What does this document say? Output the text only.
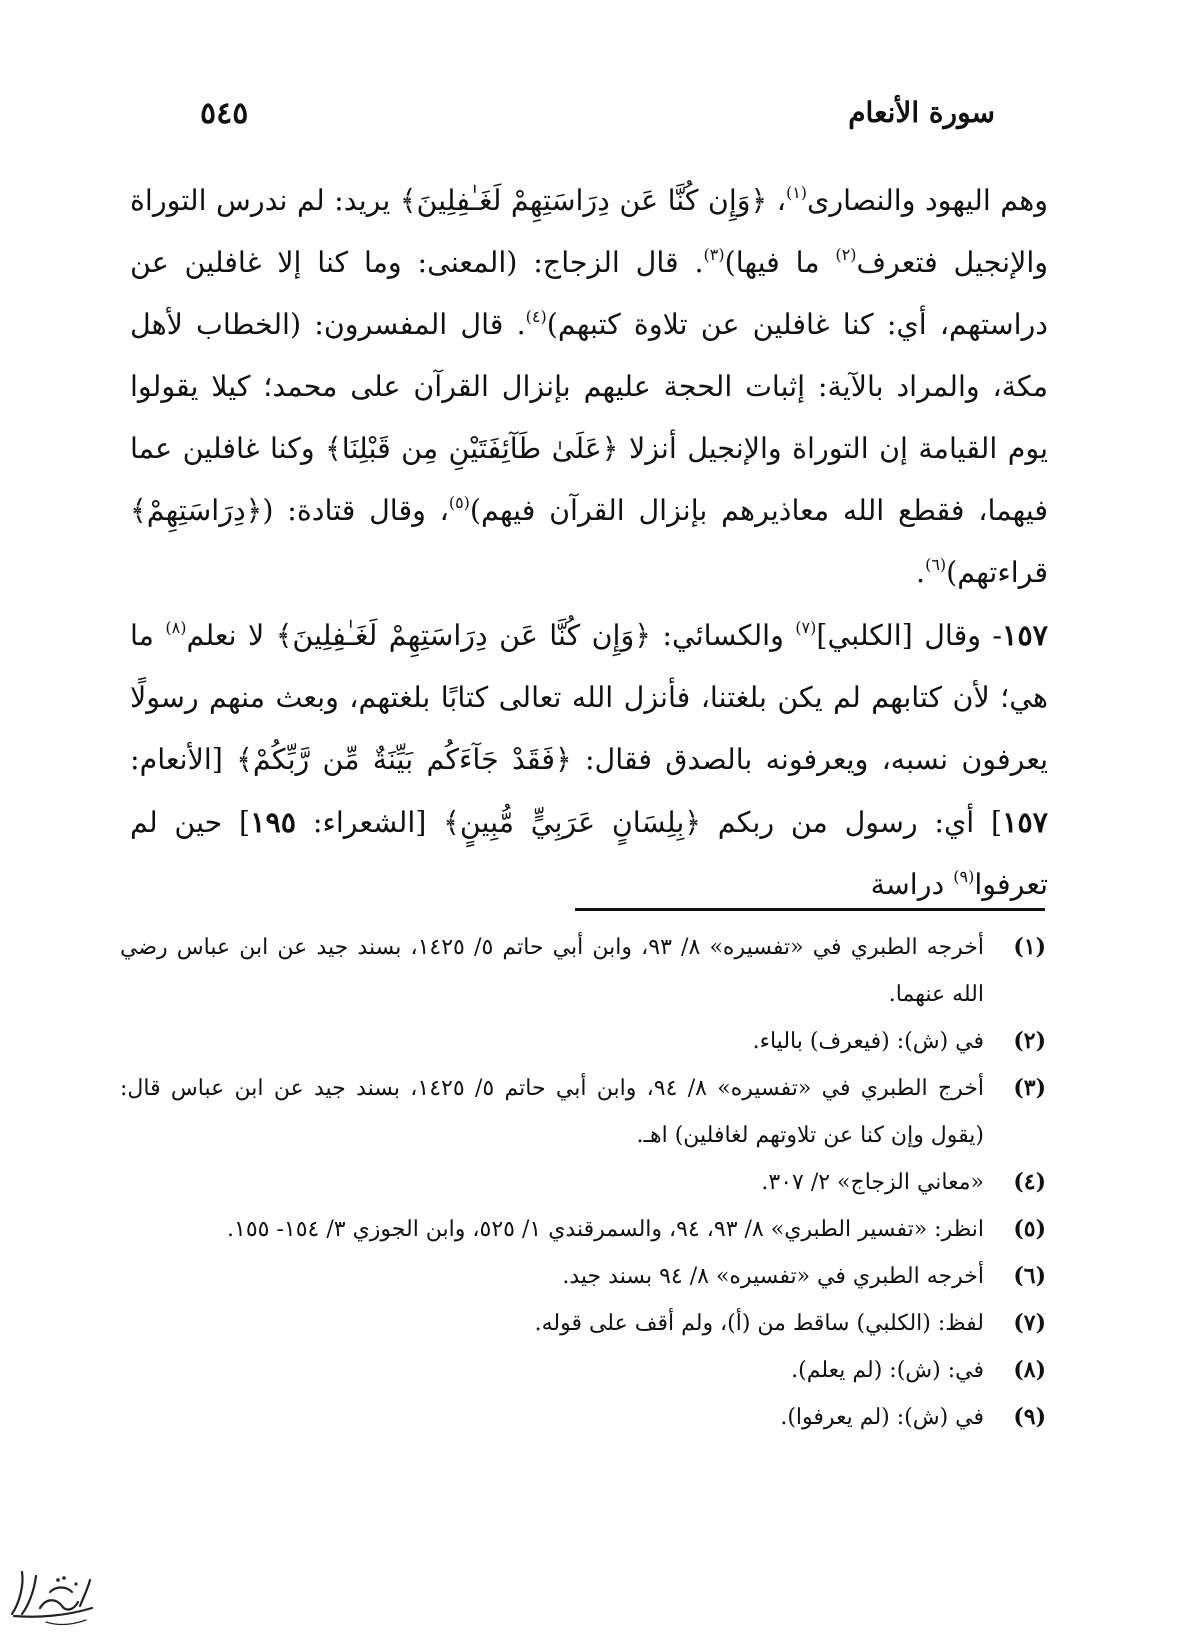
سورة الأنعام
٥٤٥

وهم اليهود والنصارى$^{(١)}$، ﴿وَإِن كُنَّا عَن دِرَاسَتِهِمْ لَغَـٰفِلِينَ﴾ يريد: لم ندرس التوراة والإنجيل فتعرف$^{(٢)}$ ما فيها)$^{(٣)}$. قال الزجاج: (المعنى: وما كنا إلا غافلين عن دراستهم، أي: كنا غافلين عن تلاوة كتبهم)$^{(٤)}$. قال المفسرون: (الخطاب لأهل مكة، والمراد بالآية: إثبات الحجة عليهم بإنزال القرآن على محمد؛ كيلا يقولوا يوم القيامة إن التوراة والإنجيل أنزلا ﴿عَلَىٰ طَآئِفَتَيْنِ مِن قَبْلِنَا﴾ وكنا غافلين عما فيهما، فقطع الله معاذيرهم بإنزال القرآن فيهم)$^{(٥)}$، وقال قتادة: (﴿دِرَاسَتِهِمْ﴾ قراءتهم)$^{(٦)}$.

١٥٧- وقال [الكلبي]$^{(٧)}$ والكسائي: ﴿وَإِن كُنَّا عَن دِرَاسَتِهِمْ لَغَـٰفِلِينَ﴾ لا نعلم$^{(٨)}$ ما هي؛ لأن كتابهم لم يكن بلغتنا، فأنزل الله تعالى كتابًا بلغتهم، وبعث منهم رسولًا يعرفون نسبه، ويعرفونه بالصدق فقال: ﴿فَقَدْ جَآءَكُم بَيِّنَةٌ مِّن رَّبِّكُمْ﴾ [الأنعام: ١٥٧] أي: رسول من ربكم ﴿بِلِسَانٍ عَرَبِيٍّ مُّبِينٍ﴾ [الشعراء: ١٩٥] حين لم تعرفوا$^{(٩)}$ دراسة

(١)
أخرجه الطبري في «تفسيره» ٨/ ٩٣، وابن أبي حاتم ٥/ ١٤٢٥، بسند جيد عن ابن عباس رضي الله عنهما.
(٢)
في (ش): (فيعرف) بالياء.
(٣)
أخرج الطبري في «تفسيره» ٨/ ٩٤، وابن أبي حاتم ٥/ ١٤٢٥، بسند جيد عن ابن عباس قال: (يقول وإن كنا عن تلاوتهم لغافلين) اهـ.
(٤)
«معاني الزجاج» ٢/ ٣٠٧.
(٥)
انظر: «تفسير الطبري» ٨/ ٩٣، ٩٤، والسمرقندي ١/ ٥٢٥، وابن الجوزي ٣/ ١٥٤- ١٥٥.
(٦)
أخرجه الطبري في «تفسيره» ٨/ ٩٤ بسند جيد.
(٧)
لفظ: (الكلبي) ساقط من (أ)، ولم أقف على قوله.
(٨)
في: (ش): (لم يعلم).
(٩)
في (ش): (لم يعرفوا).
